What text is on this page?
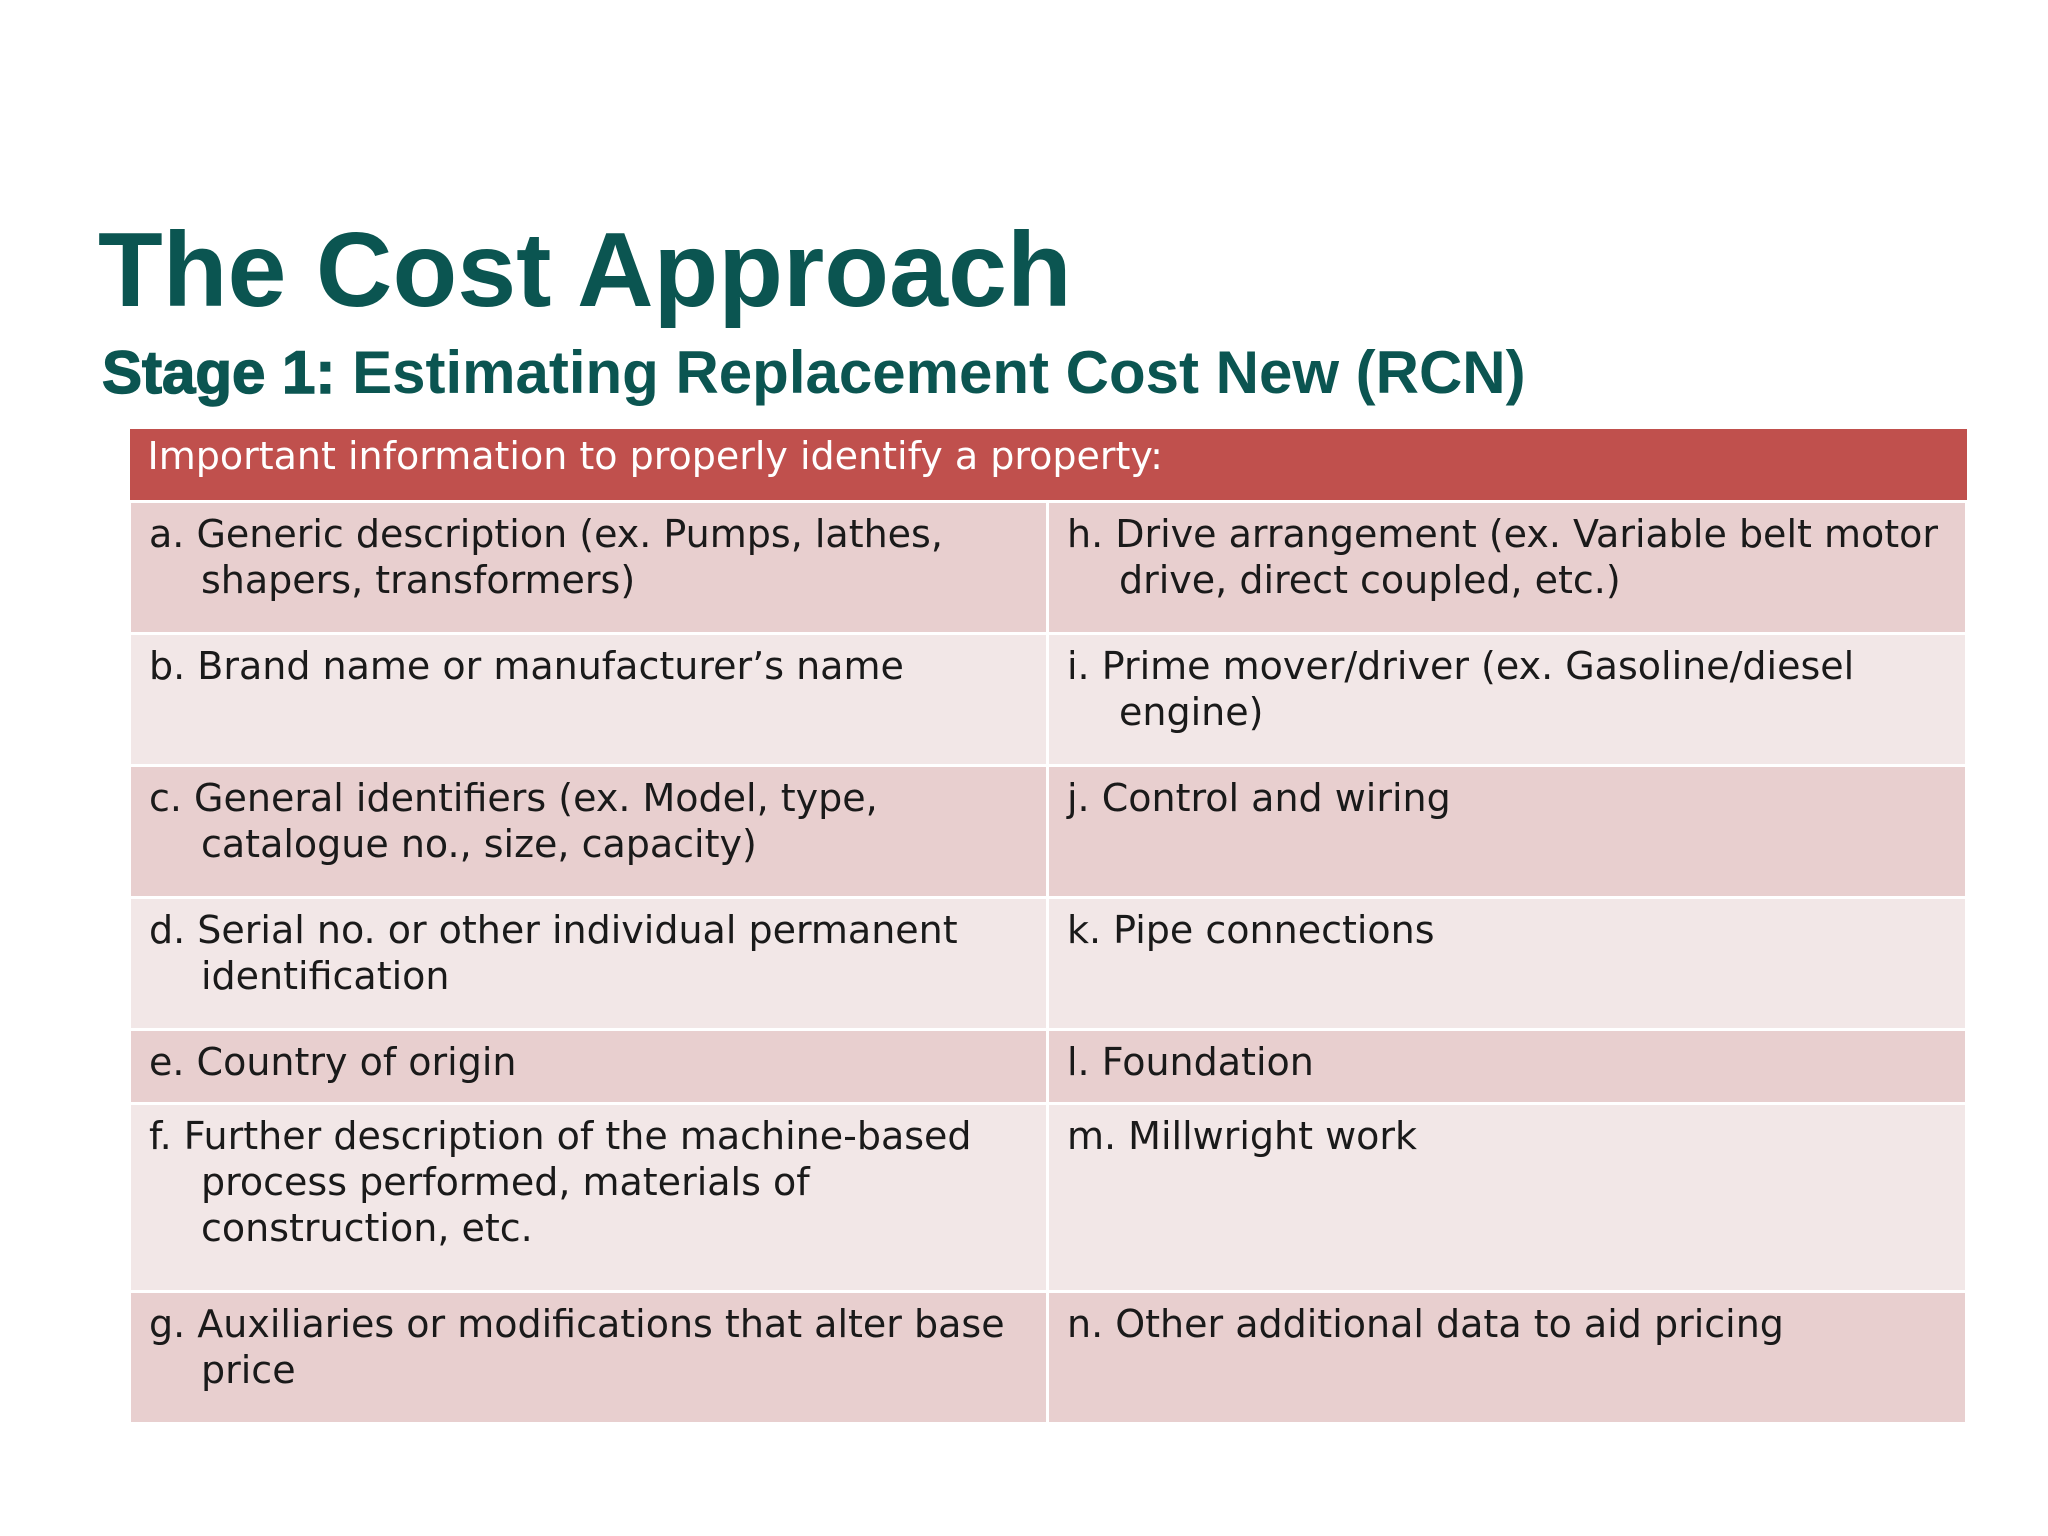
The Cost Approach
Stage 1: Estimating Replacement Cost New (RCN)
Important information to properly identify a property:	

a. Generic description (ex. Pumps, lathes, shapers, transformers)	h. Drive arrangement (ex. Variable belt motor drive, direct coupled, etc.)

b. Brand name or manufacturer’s name	i. Prime mover/driver (ex. Gasoline/diesel engine)

c. General identifiers (ex. Model, type, catalogue no., size, capacity)	j. Control and wiring

d. Serial no. or other individual permanent identification	k. Pipe connections

e. Country of origin	l. Foundation

f. Further description of the machine-based process performed, materials of construction, etc.	m. Millwright work

g. Auxiliaries or modifications that alter base price	n. Other additional data to aid pricing
